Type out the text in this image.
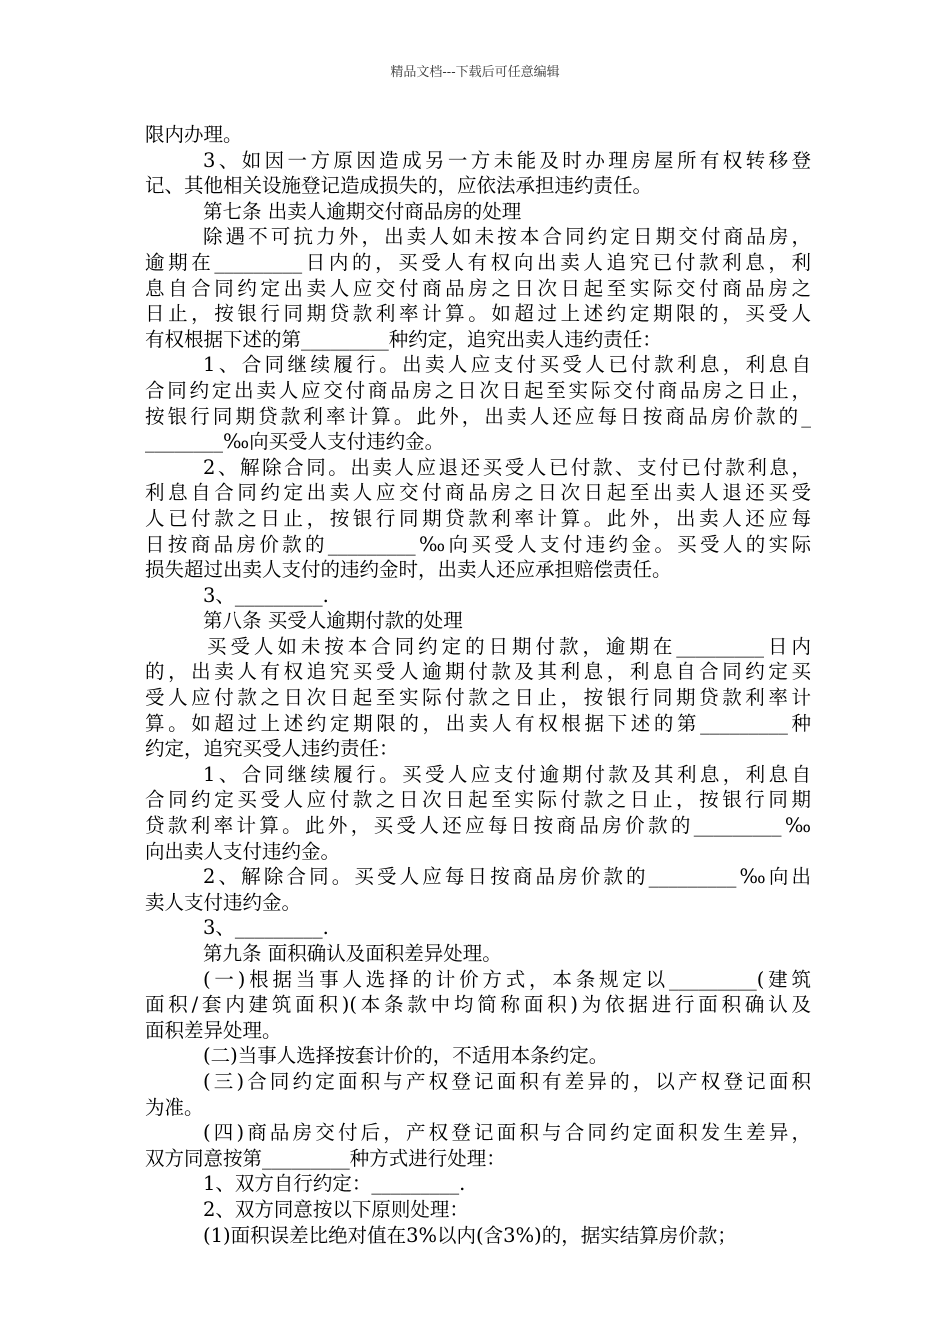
精品文档---下载后可任意编辑
限内办理。
3、如因一方原因造成另一方未能及时办理房屋所有权转移登
记、其他相关设施登记造成损失的，应依法承担违约责任。
第七条 出卖人逾期交付商品房的处理
除遇不可抗力外，出卖人如未按本合同约定日期交付商品房，
逾期在_________日内的，买受人有权向出卖人追究已付款利息，利
息自合同约定出卖人应交付商品房之日次日起至实际交付商品房之
日止，按银行同期贷款利率计算。如超过上述约定期限的，买受人
有权根据下述的第_________种约定，追究出卖人违约责任：
1、合同继续履行。出卖人应支付买受人已付款利息，利息自
合同约定出卖人应交付商品房之日次日起至实际交付商品房之日止，
按银行同期贷款利率计算。此外，出卖人还应每日按商品房价款的_
________‰向买受人支付违约金。
2、解除合同。出卖人应退还买受人已付款、支付已付款利息，
利息自合同约定出卖人应交付商品房之日次日起至出卖人退还买受
人已付款之日止，按银行同期贷款利率计算。此外，出卖人还应每
日按商品房价款的_________‰向买受人支付违约金。买受人的实际
损失超过出卖人支付的违约金时，出卖人还应承担赔偿责任。
3、_________.
第八条 买受人逾期付款的处理
买受人如未按本合同约定的日期付款，逾期在_________日内
的，出卖人有权追究买受人逾期付款及其利息，利息自合同约定买
受人应付款之日次日起至实际付款之日止，按银行同期贷款利率计
算。如超过上述约定期限的，出卖人有权根据下述的第_________种
约定，追究买受人违约责任：
1、合同继续履行。买受人应支付逾期付款及其利息，利息自
合同约定买受人应付款之日次日起至实际付款之日止，按银行同期
贷款利率计算。此外，买受人还应每日按商品房价款的_________‰
向出卖人支付违约金。
2、解除合同。买受人应每日按商品房价款的_________‰向出
卖人支付违约金。
3、_________.
第九条 面积确认及面积差异处理。
(一)根据当事人选择的计价方式，本条规定以_________(建筑
面积/套内建筑面积)(本条款中均简称面积)为依据进行面积确认及
面积差异处理。
(二)当事人选择按套计价的，不适用本条约定。
(三)合同约定面积与产权登记面积有差异的，以产权登记面积
为准。
(四)商品房交付后，产权登记面积与合同约定面积发生差异，
双方同意按第_________种方式进行处理：
1、双方自行约定：_________.
2、双方同意按以下原则处理：
(1)面积误差比绝对值在3%以内(含3%)的，据实结算房价款；
